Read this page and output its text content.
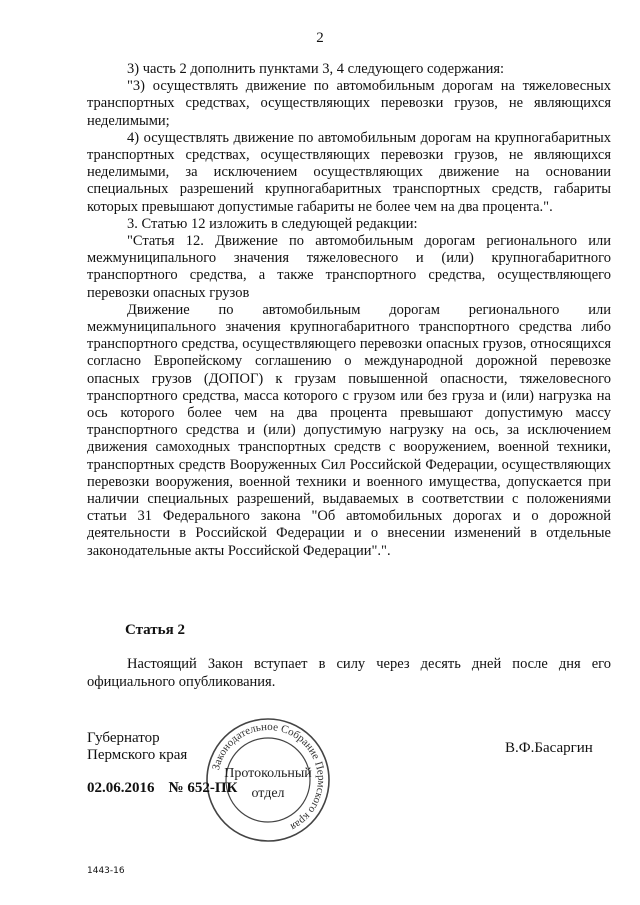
2

3) часть 2 дополнить пунктами 3, 4 следующего содержания:

"3) осуществлять движение по автомобильным дорогам на тяжеловесных транспортных средствах, осуществляющих перевозки грузов, не являющихся неделимыми;

4) осуществлять движение по автомобильным дорогам на крупногабаритных транспортных средствах, осуществляющих перевозки грузов, не являющихся неделимыми, за исключением осуществляющих движение на основании специальных разрешений крупногабаритных транспортных средств, габариты которых превышают допустимые габариты не более чем на два процента.".

3. Статью 12 изложить в следующей редакции:

"Статья 12. Движение по автомобильным дорогам регионального или межмуниципального значения тяжеловесного и (или) крупногабаритного транспортного средства, а также транспортного средства, осуществляющего перевозки опасных грузов

Движение по автомобильным дорогам регионального или межмуниципального значения крупногабаритного транспортного средства либо транспортного средства, осуществляющего перевозки опасных грузов, относящихся согласно Европейскому соглашению о международной дорожной перевозке опасных грузов (ДОПОГ) к грузам повышенной опасности, тяжеловесного транспортного средства, масса которого с грузом или без груза и (или) нагрузка на ось которого более чем на два процента превышают допустимую массу транспортного средства и (или) допустимую нагрузку на ось, за исключением движения самоходных транспортных средств с вооружением, военной техники, транспортных средств Вооруженных Сил Российской Федерации, осуществляющих перевозки вооружения, военной техники и военного имущества, допускается при наличии специальных разрешений, выдаваемых в соответствии с положениями статьи 31 Федерального закона "Об автомобильных дорогах и о дорожной деятельности в Российской Федерации и о внесении изменений в отдельные законодательные акты Российской Федерации".".

Статья 2

Настоящий Закон вступает в силу через десять дней после дня его официального опубликования.

Губернатор
Пермского края	В.Ф.Басаргин
Законодательное Собрание Пермского края
Протокольный
отдел
02.06.2016 № 652-ПК
1443-16
